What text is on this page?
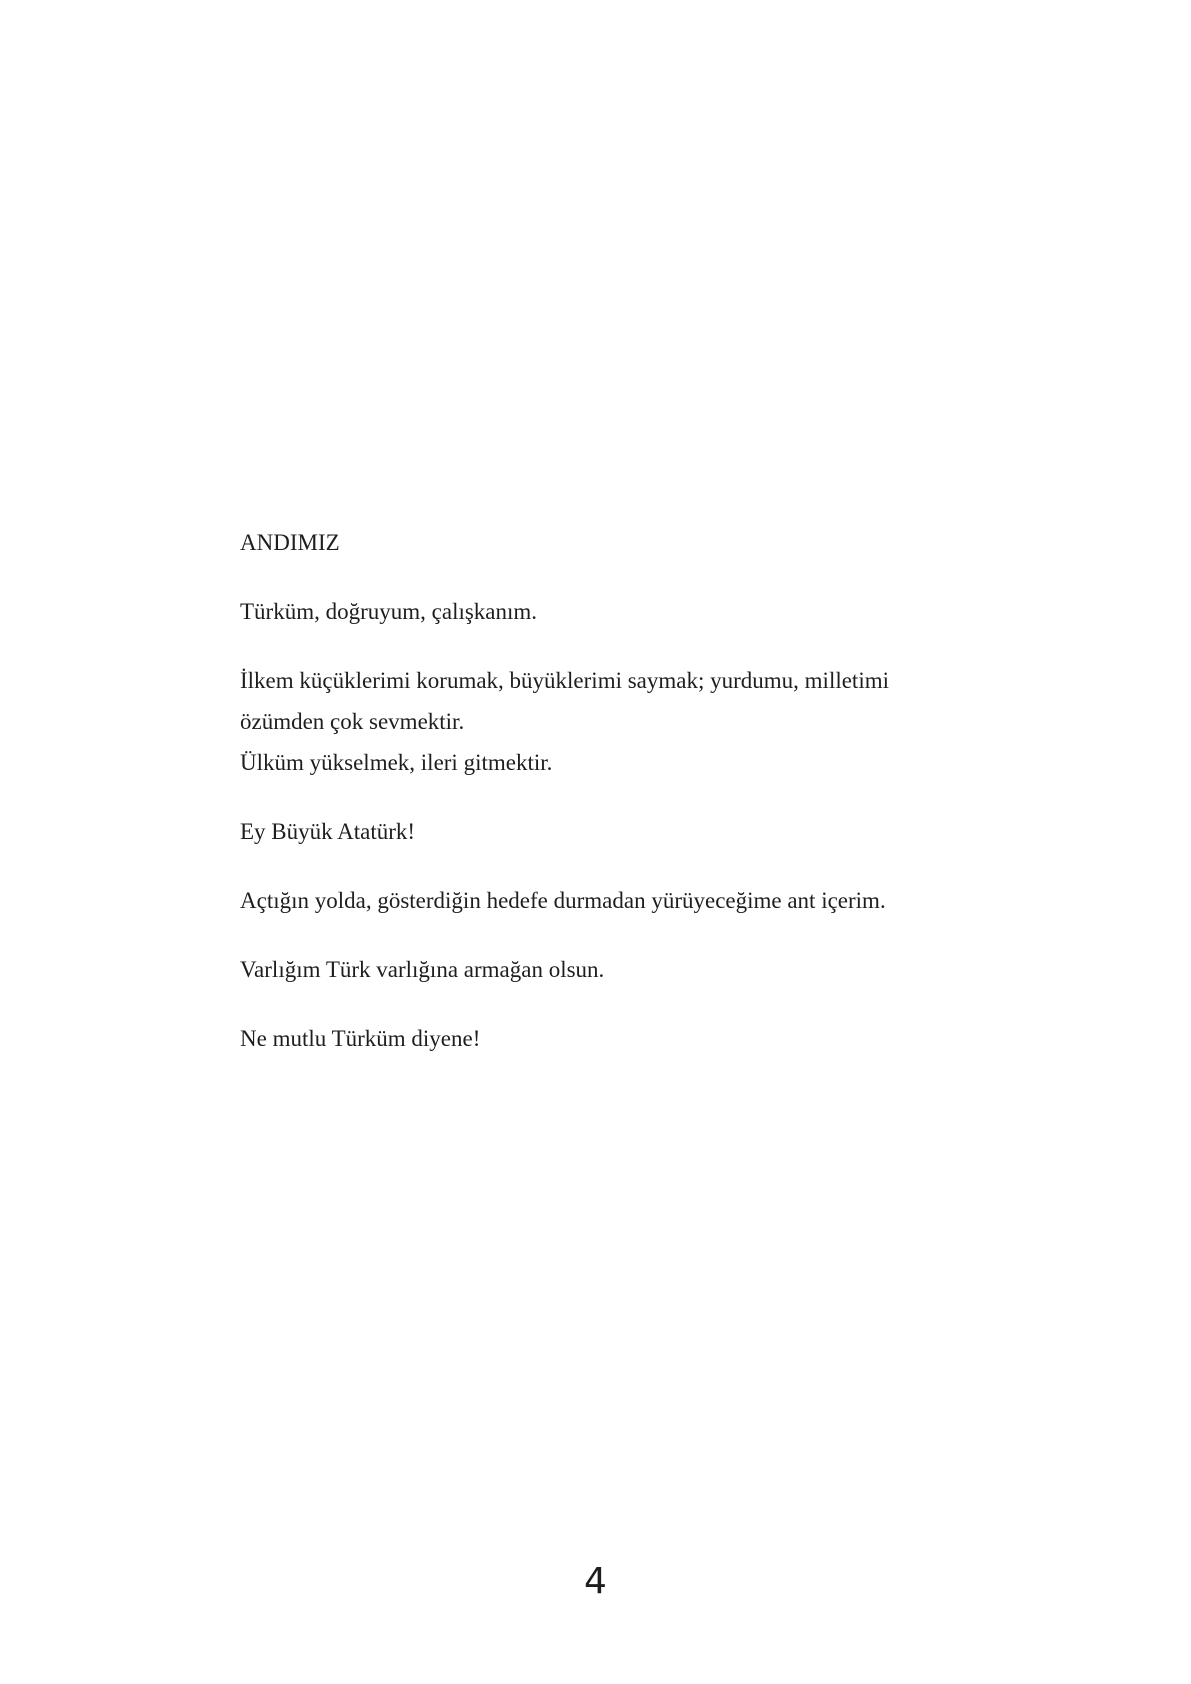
ANDIMIZ

Türküm, doğruyum, çalışkanım.

İlkem küçüklerimi korumak, büyüklerimi saymak; yurdumu, milletimi
özümden çok sevmektir.
Ülküm yükselmek, ileri gitmektir.

Ey Büyük Atatürk!

Açtığın yolda, gösterdiğin hedefe durmadan yürüyeceğime ant içerim.

Varlığım Türk varlığına armağan olsun.

Ne mutlu Türküm diyene!

4
